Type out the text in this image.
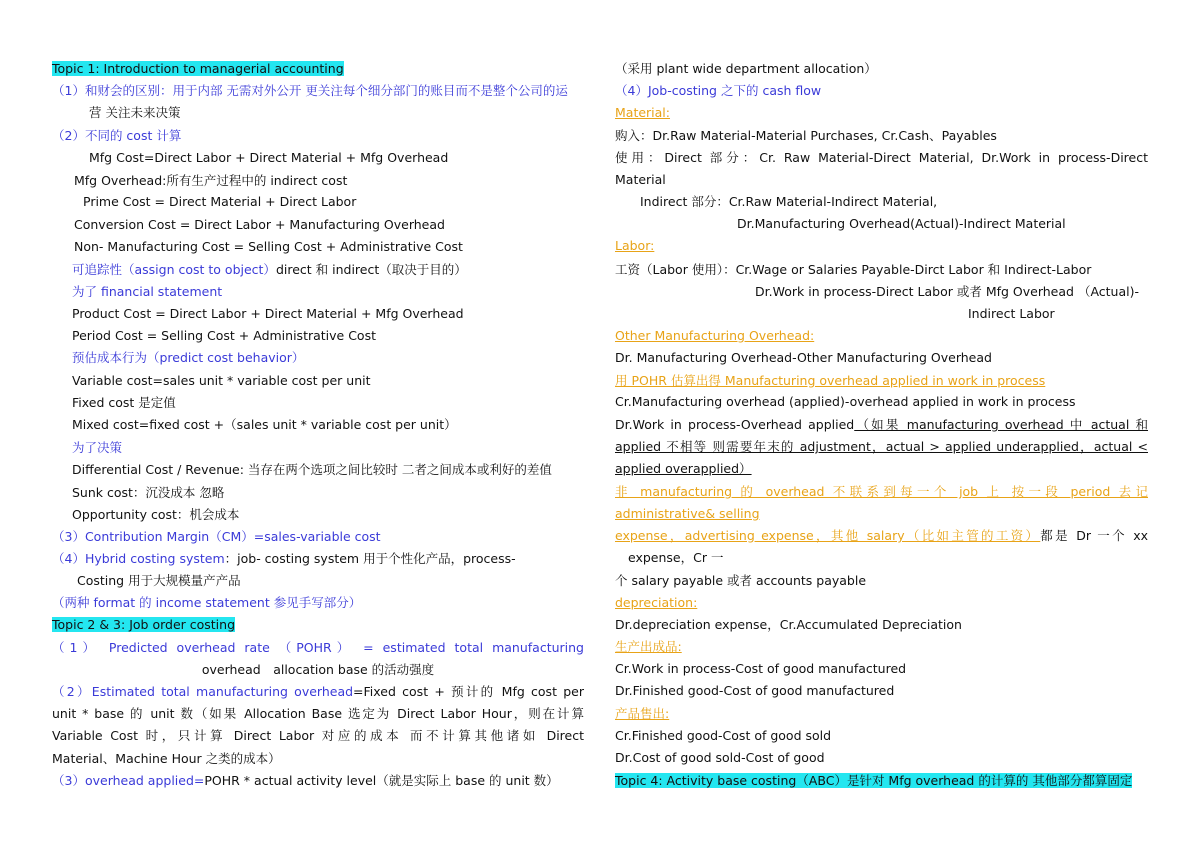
Topic 1: Introduction to managerial accounting
（1）和财会的区别：用于内部 无需对外公开 更关注每个细分部门的账目而不是整个公司的运
营 关注未来决策
（2）不同的 cost 计算
Mfg Cost=Direct Labor + Direct Material + Mfg Overhead
Mfg Overhead:所有生产过程中的 indirect cost
Prime Cost = Direct Material + Direct Labor
Conversion Cost = Direct Labor + Manufacturing Overhead
Non- Manufacturing Cost = Selling Cost + Administrative Cost
可追踪性（assign cost to object）direct 和 indirect（取决于目的）
为了 financial statement
Product Cost = Direct Labor + Direct Material + Mfg Overhead
Period Cost = Selling Cost + Administrative Cost
预估成本行为（predict cost behavior）
Variable cost=sales unit * variable cost per unit
Fixed cost 是定值
Mixed cost=fixed cost +（sales unit * variable cost per unit）
为了决策
Differential Cost / Revenue: 当存在两个选项之间比较时 二者之间成本或利好的差值
Sunk cost：沉没成本 忽略
Opportunity cost：机会成本
（3）Contribution Margin（CM）=sales-variable cost
（4）Hybrid costing system：job- costing system 用于个性化产品，process-
Costing 用于大规模量产产品
（两种 format 的 income statement 参见手写部分）
Topic 2 & 3: Job order costing
（1） Predicted overhead rate （POHR） = estimated total manufacturing
overhead　allocation base 的活动强度
（2）Estimated total manufacturing overhead=Fixed cost + 预计的 Mfg cost per
unit * base 的 unit 数（如果 Allocation Base 选定为 Direct Labor Hour，则在计算
Variable Cost 时，只计算 Direct Labor 对应的成本 而不计算其他诸如 Direct
Material、Machine Hour 之类的成本）
（3）overhead applied=POHR * actual activity level（就是实际上 base 的 unit 数）
（采用 plant wide department allocation）
（4）Job-costing 之下的 cash flow
Material:
购入：Dr.Raw Material-Material Purchases, Cr.Cash、Payables
使用：Direct 部分：Cr. Raw Material-Direct Material, Dr.Work in process-Direct
Material
Indirect 部分：Cr.Raw Material-Indirect Material,
Dr.Manufacturing Overhead(Actual)-Indirect Material
Labor:
工资（Labor 使用）：Cr.Wage or Salaries Payable-Dirct Labor 和 Indirect-Labor
Dr.Work in process-Direct Labor 或者 Mfg Overhead （Actual)-
Indirect Labor
Other Manufacturing Overhead:
Dr. Manufacturing Overhead-Other Manufacturing Overhead
用 POHR 估算出得 Manufacturing overhead applied in work in process
Cr.Manufacturing overhead (applied)-overhead applied in work in process
Dr.Work in process-Overhead applied（如果 manufacturing overhead 中 actual 和
applied 不相等 则需要年末的 adjustment，actual > applied underapplied，actual <
applied overapplied）
非 manufacturing 的 overhead 不联系到每一个 job 上 按一段 period 去记
administrative& selling
expense，advertising expense，其他 salary（比如主管的工资）都是 Dr 一个 xx
expense，Cr 一
个 salary payable 或者 accounts payable
depreciation:
Dr.depreciation expense，Cr.Accumulated Depreciation
生产出成品:
Cr.Work in process-Cost of good manufactured
Dr.Finished good-Cost of good manufactured
产品售出:
Cr.Finished good-Cost of good sold
Dr.Cost of good sold-Cost of good
Topic 4: Activity base costing（ABC）是针对 Mfg overhead 的计算的 其他部分都算固定
